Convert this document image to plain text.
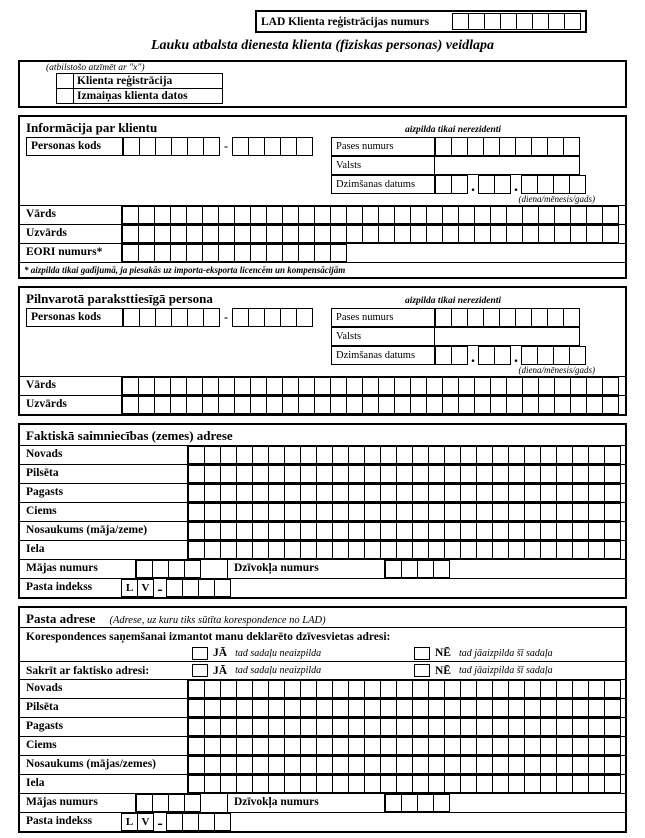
LAD Klienta reģistrācijas numurs
Lauku atbalsta dienesta klienta (fiziskas personas) veidlapa
(atbilstošo atzīmēt ar "x")
	Klienta reģistrācija
	Izmaiņas klienta datos
Informācija par klientu	aizpilda tikai nerezidenti
Personas kods	-	Pases numurs
Valsts
Dzimšanas datums	. .
(diena/mēnesis/gads)
Vārds
Uzvārds
EORI numurs*
* aizpilda tikai gadījumā, ja piesakās uz importa-eksporta licencēm un kompensācijām
Pilnvarotā paraksttiesīgā persona	aizpilda tikai nerezidenti
Personas kods	-	Pases numurs
Valsts
Dzimšanas datums	. .
(diena/mēnesis/gads)
Vārds
Uzvārds
Faktiskā saimniecības (zemes) adrese
Novads
Pilsēta
Pagasts
Ciems
Nosaukums (māja/zeme)
Iela
Mājas numurs	Dzīvokļa numurs
Pasta indekss	L V -
Pasta adrese (Adrese, uz kuru tiks sūtīta korespondence no LAD)
Korespondences saņemšanai izmantot manu deklarēto dzīvesvietas adresi:
JĀ tad sadaļu neaizpilda	NĒ tad jāaizpilda šī sadaļa
Sakrīt ar faktisko adresi:	JĀ tad sadaļu neaizpilda	NĒ tad jāaizpilda šī sadaļa
Novads
Pilsēta
Pagasts
Ciems
Nosaukums (mājas/zemes)
Iela
Mājas numurs	Dzīvokļa numurs
Pasta indekss	L V -
